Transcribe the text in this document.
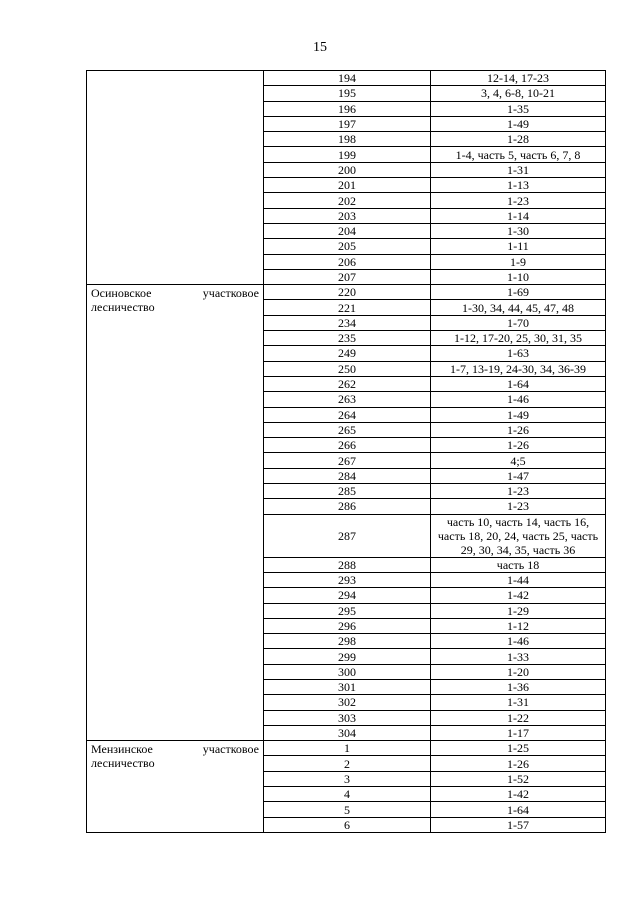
15
	194	12-14, 17-23
	195	3, 4, 6-8, 10-21
	196	1-35
	197	1-49
	198	1-28
	199	1-4, часть 5, часть 6, 7, 8
	200	1-31
	201	1-13
	202	1-23
	203	1-14
	204	1-30
	205	1-11
	206	1-9
	207	1-10

Осиновское участковое
лесничество	220	1-69
	221	1-30, 34, 44, 45, 47, 48
	234	1-70
	235	1-12, 17-20, 25, 30, 31, 35
	249	1-63
	250	1-7, 13-19, 24-30, 34, 36-39
	262	1-64
	263	1-46
	264	1-49
	265	1-26
	266	1-26
	267	4;5
	284	1-47
	285	1-23
	286	1-23
	287	часть 10, часть 14, часть 16, часть 18, 20, 24, часть 25, часть 29, 30, 34, 35, часть 36
	288	часть 18
	293	1-44
	294	1-42
	295	1-29
	296	1-12
	298	1-46
	299	1-33
	300	1-20
	301	1-36
	302	1-31
	303	1-22
	304	1-17

Мензинское участковое
лесничество	1	1-25
	2	1-26
	3	1-52
	4	1-42
	5	1-64
	6	1-57
